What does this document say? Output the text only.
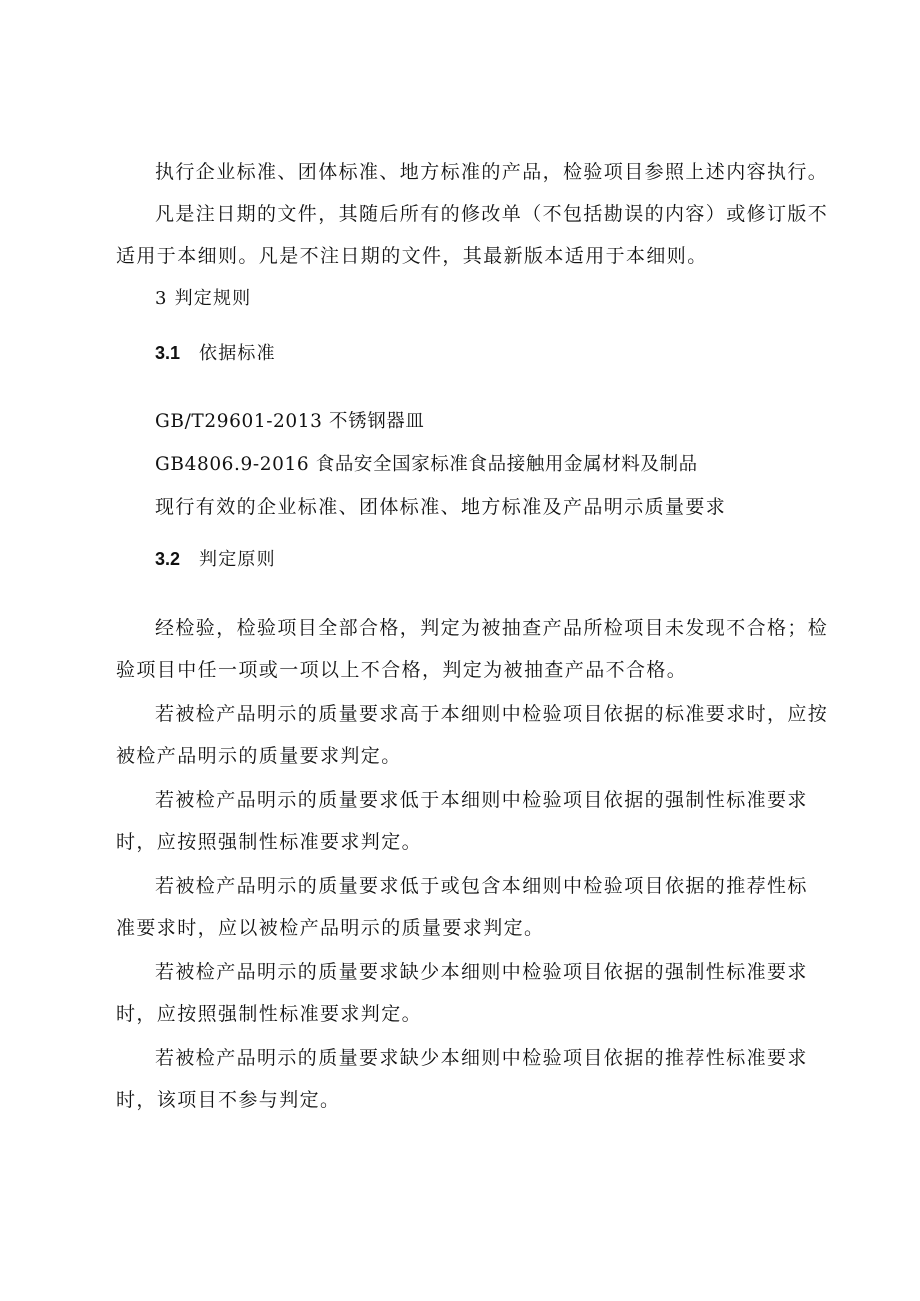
执行企业标准、团体标准、地方标准的产品，检验项目参照上述内容执行。
凡是注日期的文件，其随后所有的修改单（不包括勘误的内容）或修订版不
适用于本细则。凡是不注日期的文件，其最新版本适用于本细则。
3 判定规则
3.1 依据标准
GB/T29601-2013 不锈钢器皿
GB4806.9-2016 食品安全国家标准食品接触用金属材料及制品
现行有效的企业标准、团体标准、地方标准及产品明示质量要求
3.2 判定原则
经检验，检验项目全部合格，判定为被抽查产品所检项目未发现不合格；检
验项目中任一项或一项以上不合格，判定为被抽查产品不合格。
若被检产品明示的质量要求高于本细则中检验项目依据的标准要求时，应按
被检产品明示的质量要求判定。
若被检产品明示的质量要求低于本细则中检验项目依据的强制性标准要求
时，应按照强制性标准要求判定。
若被检产品明示的质量要求低于或包含本细则中检验项目依据的推荐性标
准要求时，应以被检产品明示的质量要求判定。
若被检产品明示的质量要求缺少本细则中检验项目依据的强制性标准要求
时，应按照强制性标准要求判定。
若被检产品明示的质量要求缺少本细则中检验项目依据的推荐性标准要求
时，该项目不参与判定。
